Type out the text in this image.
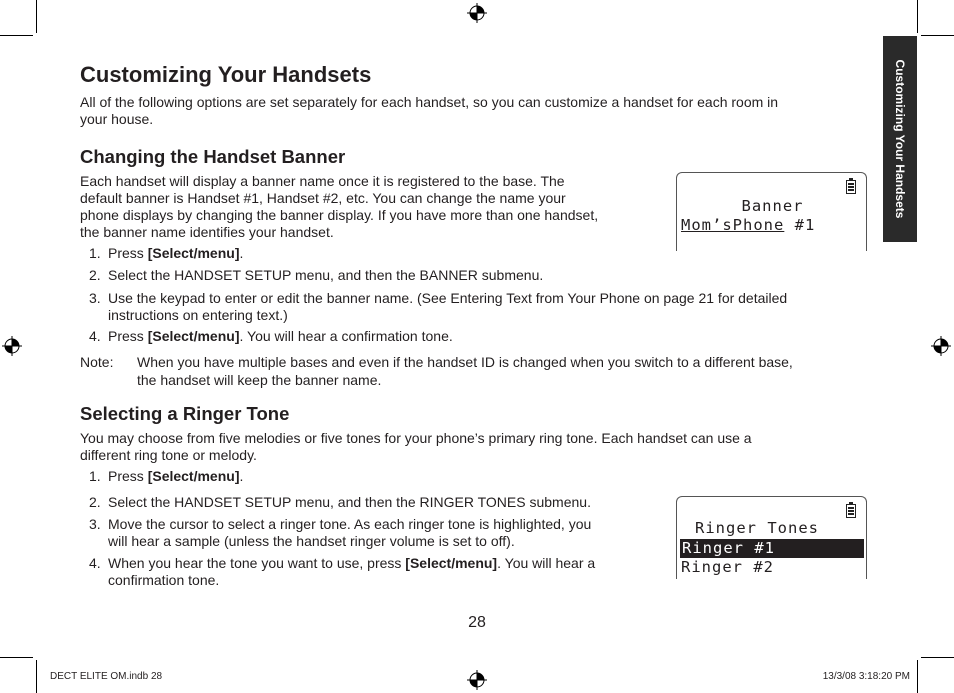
Customizing Your Handsets
Customizing Your Handsets

All of the following options are set separately for each handset, so you can customize a handset for each room in

your house.

Changing the Handset Banner

Each handset will display a banner name once it is registered to the base. The

default banner is Handset #1, Handset #2, etc. You can change the name your

phone displays by changing the banner display. If you have more than one handset,

the banner name identifies your handset.

1. Press [Select/menu].
2. Select the HANDSET SETUP menu, and then the BANNER submenu.
3. Use the keypad to enter or edit the banner name. (See Entering Text from Your Phone on page 21 for detailed
instructions on entering text.)
4. Press [Select/menu]. You will hear a confirmation tone.
Note: When you have multiple bases and even if the handset ID is changed when you switch to a different base,
the handset will keep the banner name.
Banner
Mom’sPhone #1
Selecting a Ringer Tone

You may choose from five melodies or five tones for your phone’s primary ring tone. Each handset can use a

different ring tone or melody.

1. Press [Select/menu].
2. Select the HANDSET SETUP menu, and then the RINGER TONES submenu.
3. Move the cursor to select a ringer tone. As each ringer tone is highlighted, you
will hear a sample (unless the handset ringer volume is set to off).
4. When you hear the tone you want to use, press [Select/menu]. You will hear a
confirmation tone.
Ringer Tones
Ringer #1
Ringer #2
28
DECT ELITE OM.indb 28	13/3/08 3:18:20 PM
